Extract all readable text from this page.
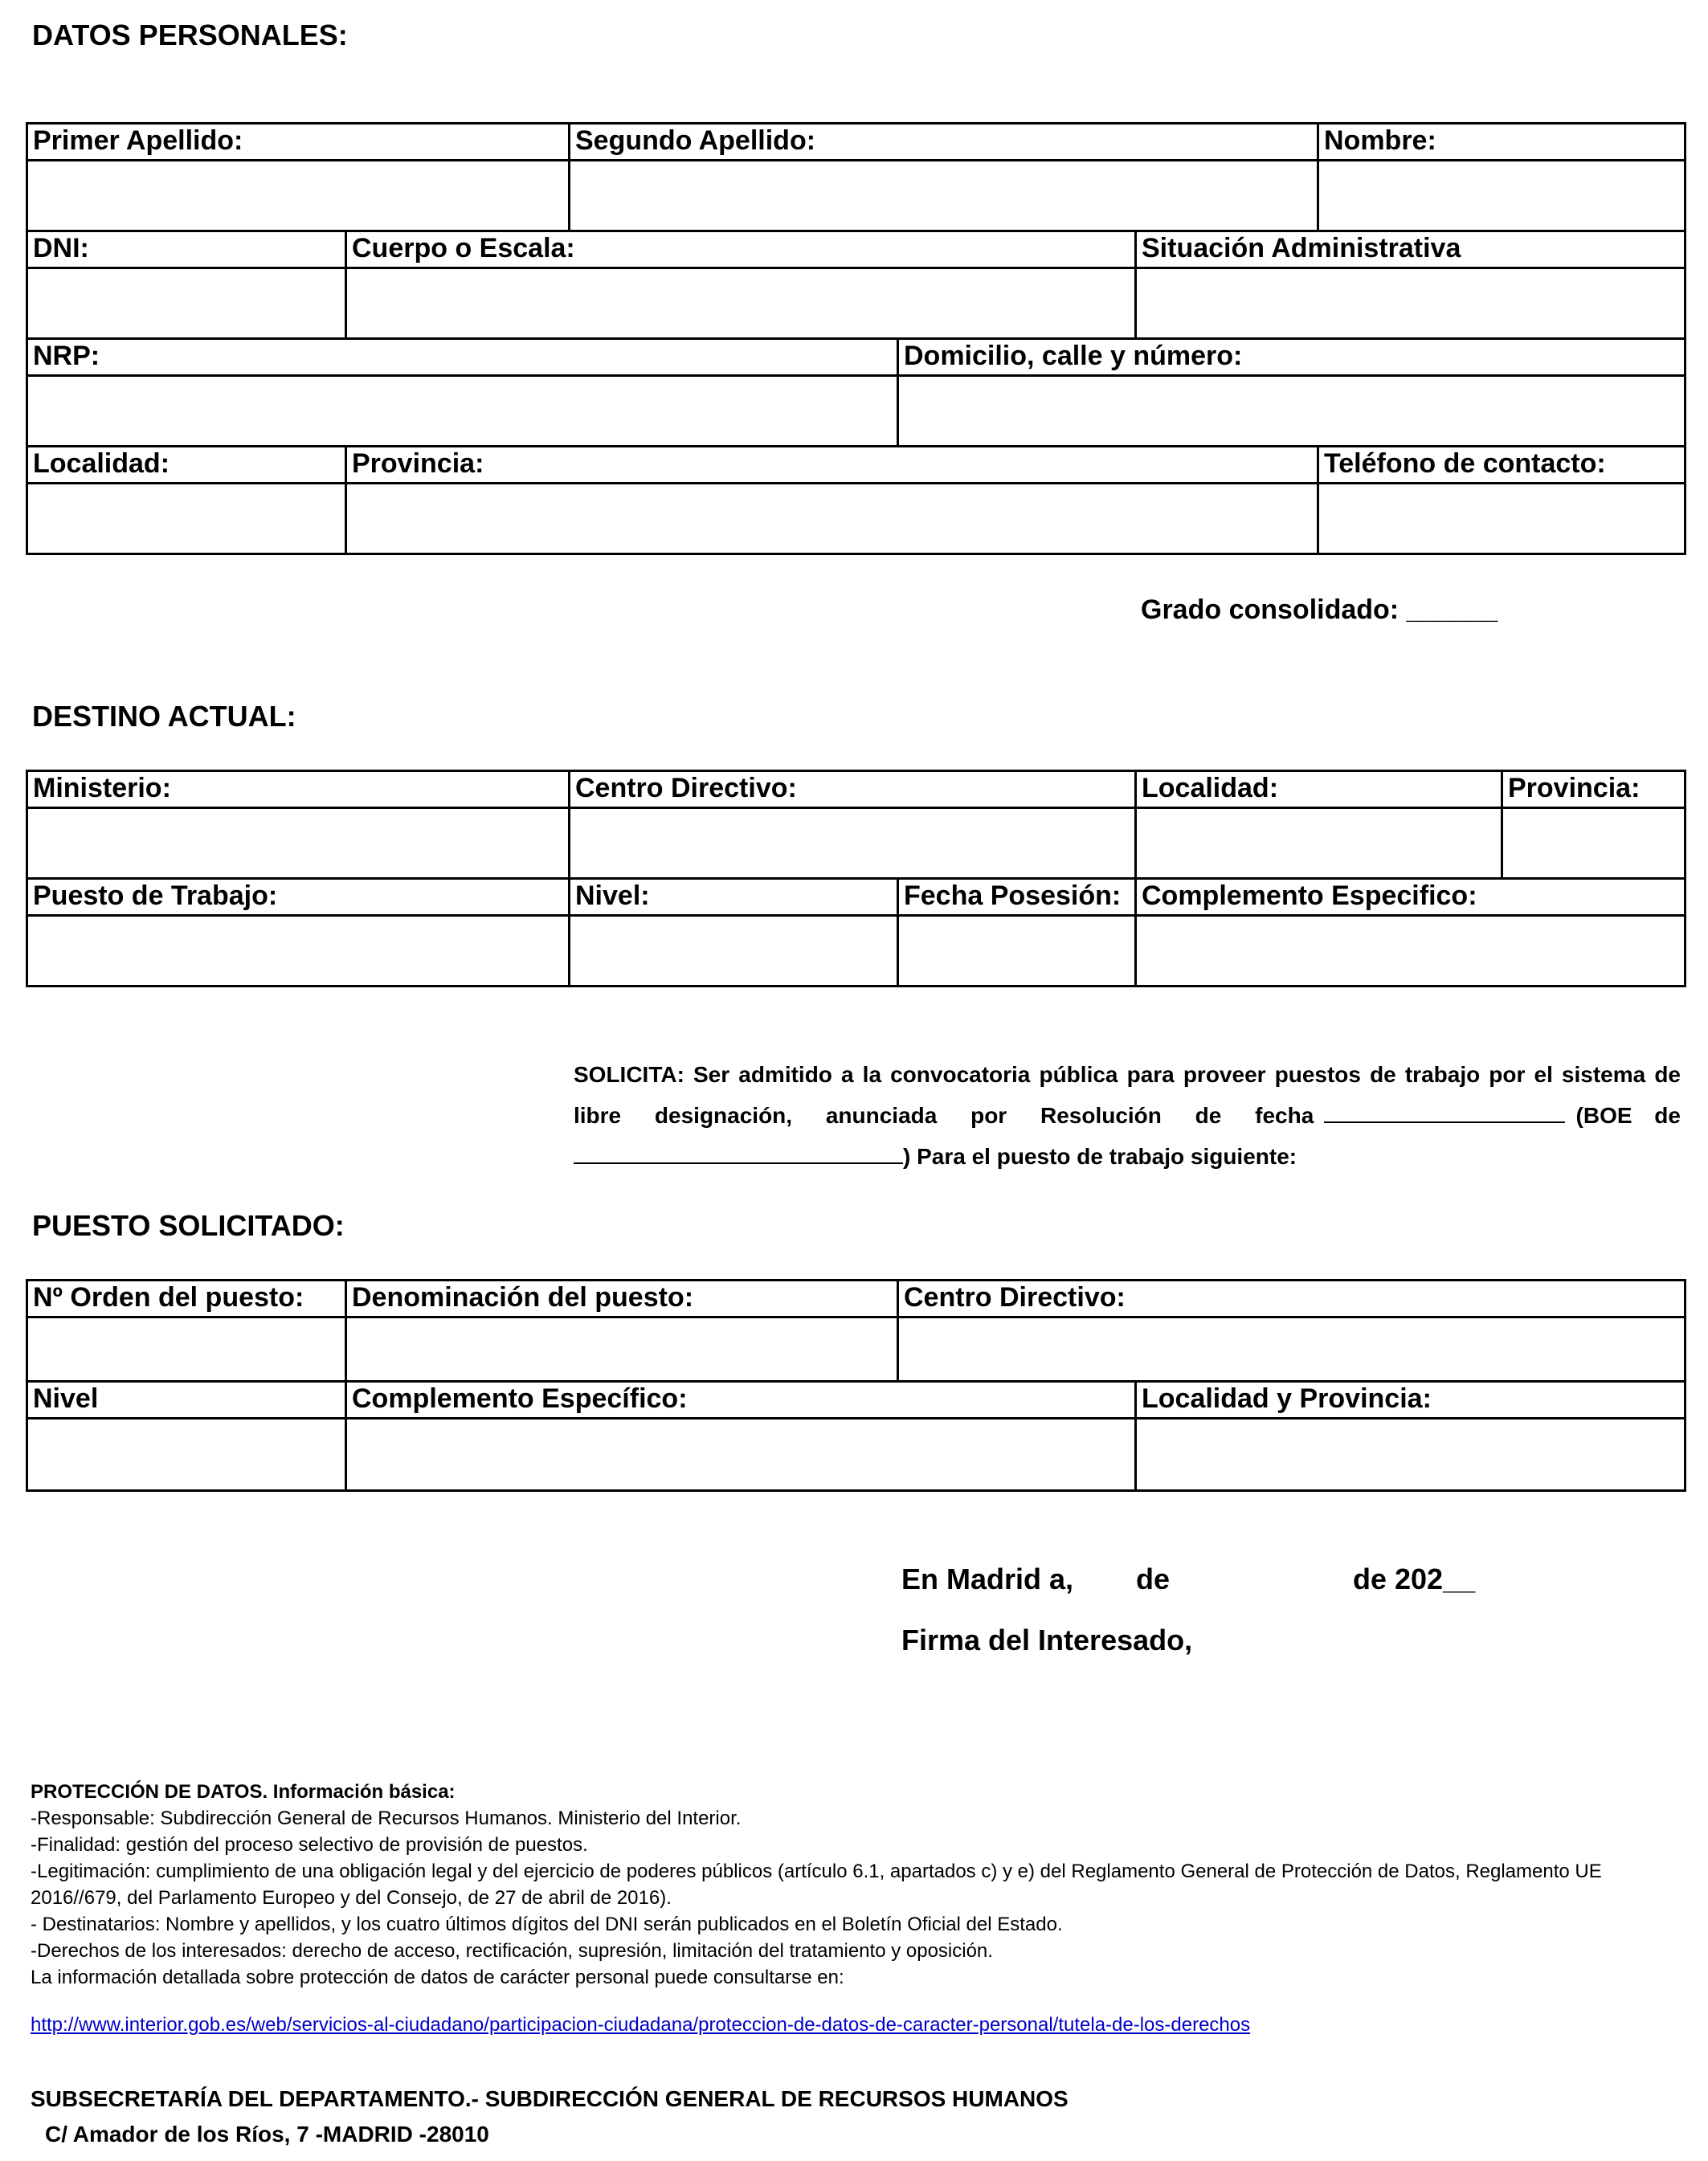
DATOS PERSONALES:
Primer Apellido:	Segundo Apellido:	Nombre:
DNI:	Cuerpo o Escala:	Situación Administrativa
NRP:	Domicilio, calle y número:
Localidad:	Provincia:	Teléfono de contacto:
Grado consolidado: ______
DESTINO ACTUAL:
Ministerio:	Centro Directivo:	Localidad:	Provincia:
Puesto de Trabajo:	Nivel:	Fecha Posesión: Complemento Especifico:
SOLICITA: Ser admitido a la convocatoria pública para proveer puestos de trabajo por el sistema de
libre designación, anunciada por Resolución de fecha	(BOE de
) Para el puesto de trabajo siguiente:
PUESTO SOLICITADO:
Nº Orden del puesto:	Denominación del puesto:	Centro Directivo:
Nivel	Complemento Específico:	Localidad y Provincia:
En Madrid a, de	de 202__
Firma del Interesado,
PROTECCIÓN DE DATOS. Información básica:
-Responsable: Subdirección General de Recursos Humanos. Ministerio del Interior.
-Finalidad: gestión del proceso selectivo de provisión de puestos.
-Legitimación: cumplimiento de una obligación legal y del ejercicio de poderes públicos (artículo 6.1, apartados c) y e) del Reglamento General de Protección de Datos, Reglamento UE
2016//679, del Parlamento Europeo y del Consejo, de 27 de abril de 2016).
- Destinatarios: Nombre y apellidos, y los cuatro últimos dígitos del DNI serán publicados en el Boletín Oficial del Estado.
-Derechos de los interesados: derecho de acceso, rectificación, supresión, limitación del tratamiento y oposición.
La información detallada sobre protección de datos de carácter personal puede consultarse en:
http://www.interior.gob.es/web/servicios-al-ciudadano/participacion-ciudadana/proteccion-de-datos-de-caracter-personal/tutela-de-los-derechos
SUBSECRETARÍA DEL DEPARTAMENTO.- SUBDIRECCIÓN GENERAL DE RECURSOS HUMANOS
C/ Amador de los Ríos, 7 -MADRID -28010
